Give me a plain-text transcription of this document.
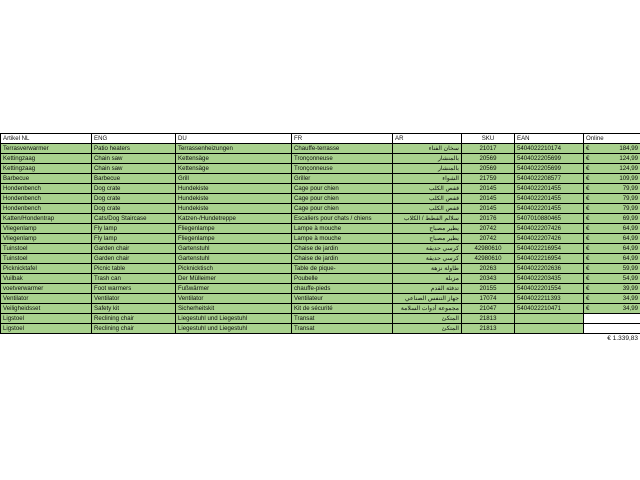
Artikel NL	ENG	DU	FR	AR	SKU	EAN	Online
Terrasverwarmer	Patio heaters	Terrassenheizungen	Chauffe-terrasse	سخان الفناء	21017	5404022210174	€ 184,99

Kettingzaag	Chain saw	Kettensäge	Tronçonneuse	بالمنشار	20569	5404022205699	€ 124,99

Kettingzaag	Chain saw	Kettensäge	Tronçonneuse	بالمنشار	20569	5404022205699	€ 124,99

Barbecue	Barbecue	Grill	Griller	الشواء	21759	5404022208577	€ 109,99

Hondenbench	Dog crate	Hundekiste	Cage pour chien	قفص الكلب	20145	5404022201455	€ 79,99

Hondenbench	Dog crate	Hundekiste	Cage pour chien	قفص الكلب	20145	5404022201455	€ 79,99

Hondenbench	Dog crate	Hundekiste	Cage pour chien	قفص الكلب	20145	5404022201455	€ 79,99

Katten/Hondentrap	Cats/Dog Staircase	Katzen-/Hundetreppe	Escaliers pour chats / chiens	سلالم القطط / الكلاب	20176	5407010880465	€ 69,99

Vliegenlamp	Fly lamp	Fliegenlampe	Lampe à mouche	يطير مصباح	20742	5404022207426	€ 64,99

Vliegenlamp	Fly lamp	Fliegenlampe	Lampe à mouche	يطير مصباح	20742	5404022207426	€ 64,99

Tuinstoel	Garden chair	Gartenstuhl	Chaise de jardin	كرسي حديقة	42980610	5404022216954	€ 64,99

Tuinstoel	Garden chair	Gartenstuhl	Chaise de jardin	كرسي حديقة	42980610	5404022216954	€ 64,99

Picknicktafel	Picnic table	Picknicktisch	Table de pique-	طاولة نزهة	20263	5404022202636	€ 59,99

Vuilbak	Trash can	Der Mülleimer	Poubelle	مزبلة	20343	5404022203435	€ 54,99

voetverwarmer	Foot warmers	Fußwärmer	chauffe-pieds	تدفئة القدم	20155	5404022201554	€ 39,99

Ventilator	Ventilator	Ventilator	Ventilateur	جهاز التنفس الصناعي	17074	5404022211393	€ 34,99

Veiligheidsset	Safety kit	Sicherheitskit	Kit de sécurité	مجموعة أدوات السلامة	21047	5404022210471	€ 34,99

Ligstoel	Reclining chair	Liegestuhl und Liegestuhl	Transat	المتكئ	21813		
Ligstoel	Reclining chair	Liegestuhl und Liegestuhl	Transat	المتكئ	21813		
€ 1.339,83
